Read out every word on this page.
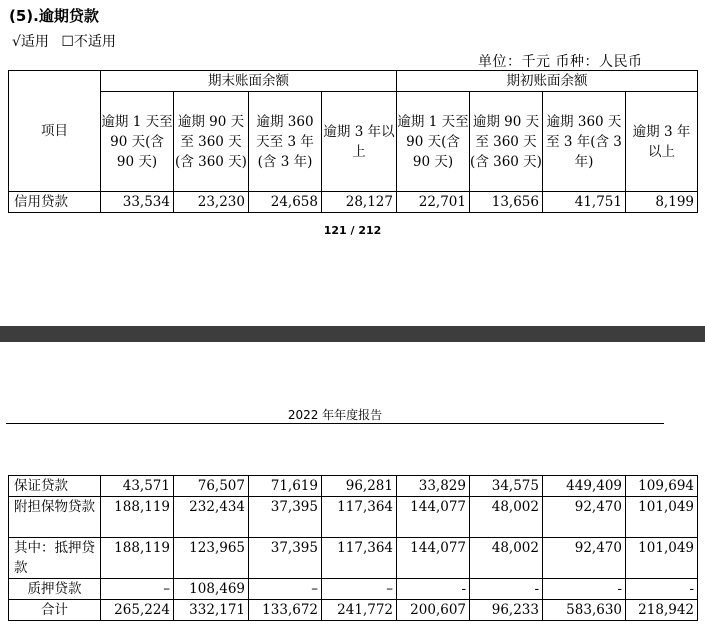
(5).逾期贷款
√适用 ☐不适用
单位：千元 币种：人民币
项目	期末账面余额				期初账面余额			
	逾期 1 天至 90 天(含 90 天)	逾期 90 天至 360 天(含 360 天)	逾期 360 天至 3 年(含 3 年)	逾期 3 年以上	逾期 1 天至 90 天(含 90 天)	逾期 90 天至 360 天(含 360 天)	逾期 360 天至 3 年(含 3 年)	逾期 3 年以上
信用贷款	33,534	23,230	24,658	28,127	22,701	13,656	41,751	8,199
121 / 212
2022 年年度报告
保证贷款	43,571	76,507	71,619	96,281	33,829	34,575	449,409	109,694
附担保物贷款	188,119	232,434	37,395	117,364	144,077	48,002	92,470	101,049
其中：抵押贷款	188,119	123,965	37,395	117,364	144,077	48,002	92,470	101,049
质押贷款	–	108,469	–	–	-	-	-	-
合计	265,224	332,171	133,672	241,772	200,607	96,233	583,630	218,942
